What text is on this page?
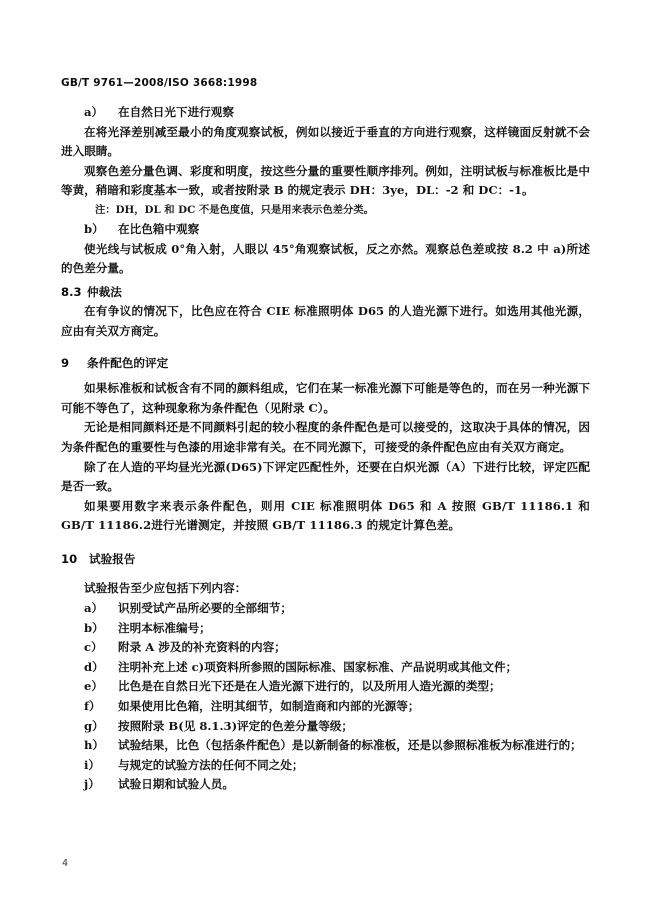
GB/T 9761—2008/ISO 3668:1998
a） 在自然日光下进行观察

在将光泽差别减至最小的角度观察试板，例如以接近于垂直的方向进行观察，这样镜面反射就不会进入眼睛。

观察色差分量色调、彩度和明度，按这些分量的重要性顺序排列。例如，注明试板与标准板比是中等黄，稍暗和彩度基本一致，或者按附录 B 的规定表示 DH：3ye，DL：-2 和 DC：-1。

注：DH，DL 和 DC 不是色度值，只是用来表示色差分类。

b） 在比色箱中观察

使光线与试板成 0°角入射，人眼以 45°角观察试板，反之亦然。观察总色差或按 8.2 中 a)所述的色差分量。

8.3 仲裁法

在有争议的情况下，比色应在符合 CIE 标准照明体 D65 的人造光源下进行。如选用其他光源，应由有关双方商定。

9 条件配色的评定

如果标准板和试板含有不同的颜料组成，它们在某一标准光源下可能是等色的，而在另一种光源下可能不等色了，这种现象称为条件配色（见附录 C）。

无论是相同颜料还是不同颜料引起的较小程度的条件配色是可以接受的，这取决于具体的情况，因为条件配色的重要性与色漆的用途非常有关。在不同光源下，可接受的条件配色应由有关双方商定。

除了在人造的平均昼光光源(D65)下评定匹配性外，还要在白炽光源（A）下进行比较，评定匹配是否一致。

如果要用数字来表示条件配色，则用 CIE 标准照明体 D65 和 A 按照 GB/T 11186.1 和 GB/T 11186.2进行光谱测定，并按照 GB/T 11186.3 的规定计算色差。

10 试验报告

试验报告至少应包括下列内容：

a） 识别受试产品所必要的全部细节；
b） 注明本标准编号；
c） 附录 A 涉及的补充资料的内容；
d） 注明补充上述 c)项资料所参照的国际标准、国家标准、产品说明或其他文件；
e） 比色是在自然日光下还是在人造光源下进行的，以及所用人造光源的类型；
f） 如果使用比色箱，注明其细节，如制造商和内部的光源等；
g） 按照附录 B(见 8.1.3)评定的色差分量等级；
h） 试验结果，比色（包括条件配色）是以新制备的标准板，还是以参照标准板为标准进行的；
i） 与规定的试验方法的任何不同之处；
j） 试验日期和试验人员。
4
